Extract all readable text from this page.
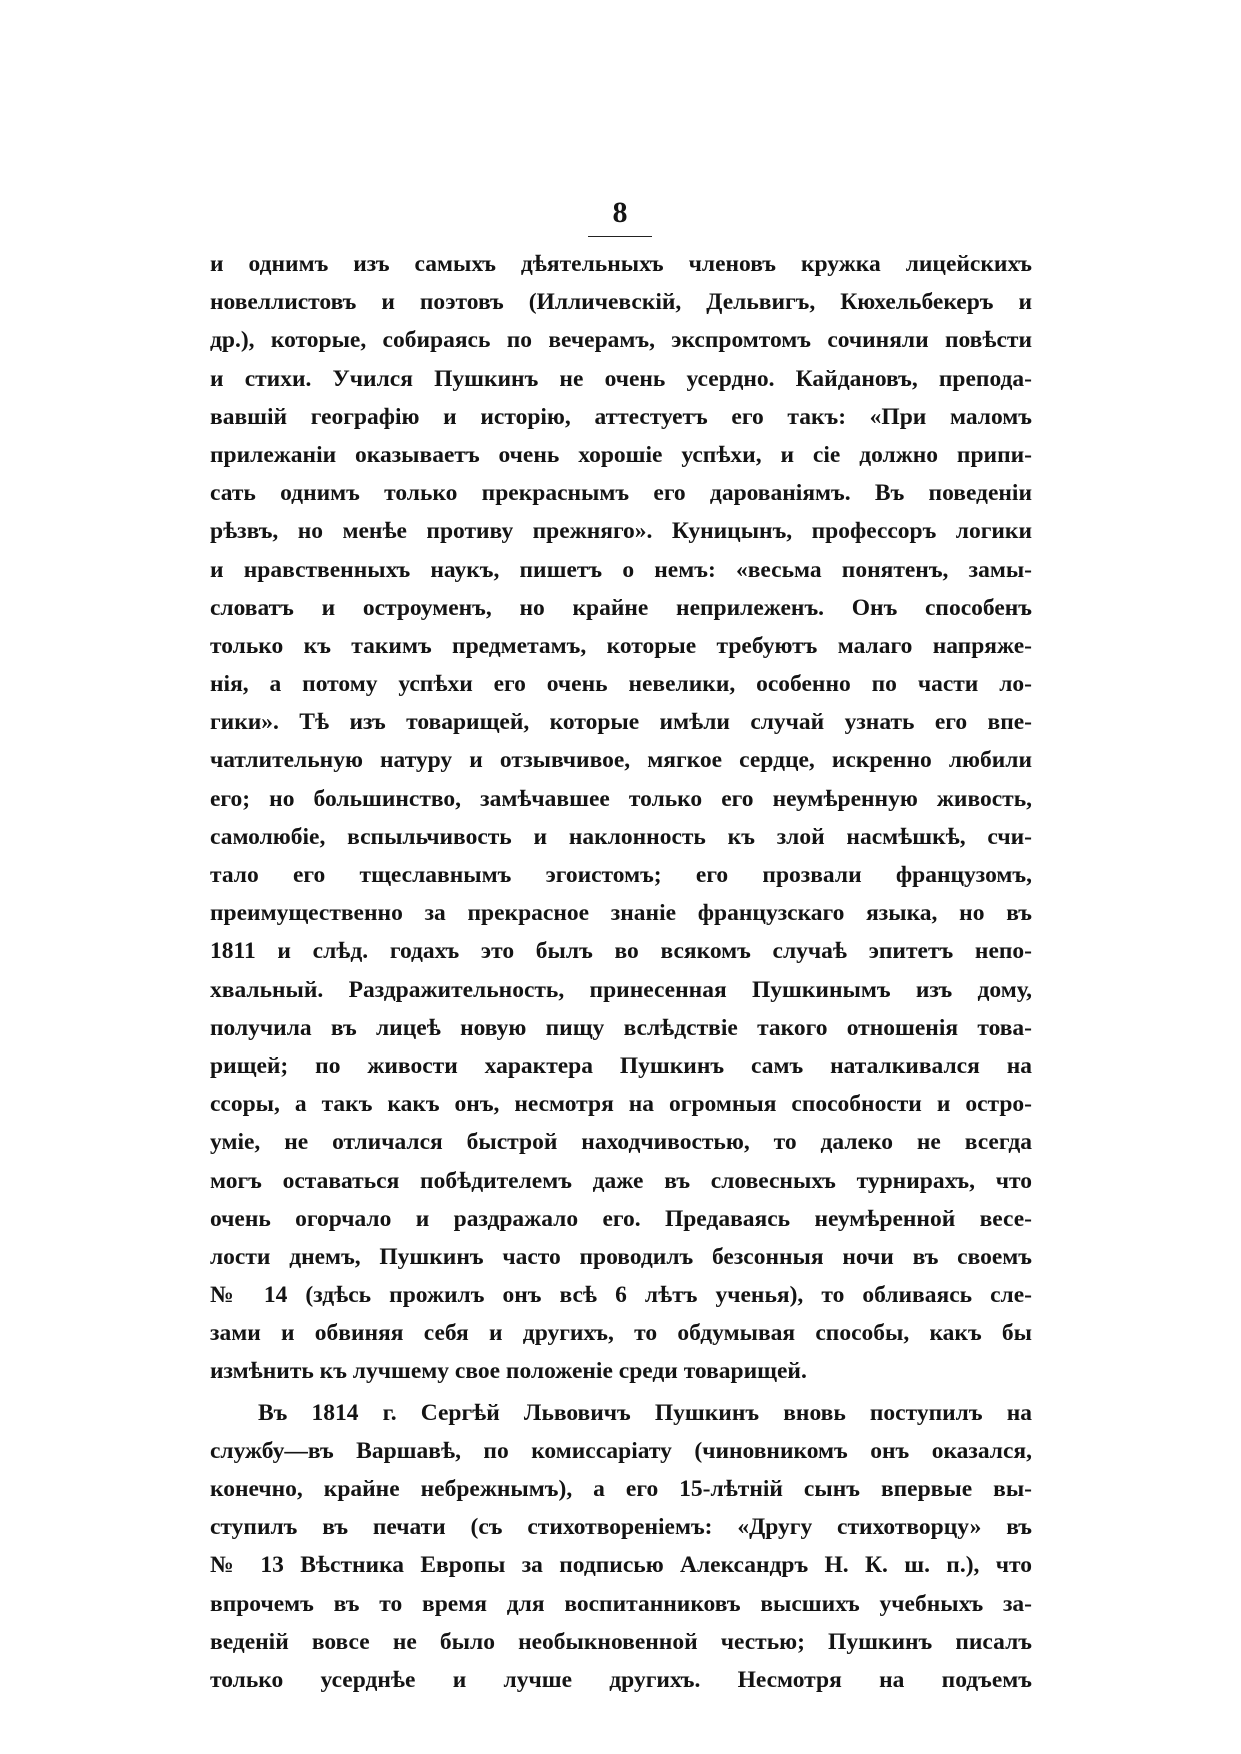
8
и однимъ изъ самыхъ дѣятельныхъ членовъ кружка лицейскихъ
новеллистовъ и поэтовъ (Илличевскій, Дельвигъ, Кюхельбекеръ и
др.), которые, собираясь по вечерамъ, экспромтомъ сочиняли повѣсти
и стихи. Учился Пушкинъ не очень усердно. Кайдановъ, препода-
вавшій географію и исторію, аттестуетъ его такъ: «При маломъ
прилежаніи оказываетъ очень хорошіе успѣхи, и сіе должно припи-
сать однимъ только прекраснымъ его дарованіямъ. Въ поведеніи
рѣзвъ, но менѣе противу прежняго». Куницынъ, профессоръ логики
и нравственныхъ наукъ, пишетъ о немъ: «весьма понятенъ, замы-
словатъ и остроуменъ, но крайне неприлеженъ. Онъ способенъ
только къ такимъ предметамъ, которые требуютъ малаго напряже-
нія, а потому успѣхи его очень невелики, особенно по части ло-
гики». Тѣ изъ товарищей, которые имѣли случай узнать его впе-
чатлительную натуру и отзывчивое, мягкое сердце, искренно любили
его; но большинство, замѣчавшее только его неумѣренную живость,
самолюбіе, вспыльчивость и наклонность къ злой насмѣшкѣ, счи-
тало его тщеславнымъ эгоистомъ; его прозвали французомъ,
преимущественно за прекрасное знаніе французскаго языка, но въ
1811 и слѣд. годахъ это былъ во всякомъ случаѣ эпитетъ непо-
хвальный. Раздражительность, принесенная Пушкинымъ изъ дому,
получила въ лицеѣ новую пищу вслѣдствіе такого отношенія това-
рищей; по живости характера Пушкинъ самъ наталкивался на
ссоры, а такъ какъ онъ, несмотря на огромныя способности и остро-
уміе, не отличался быстрой находчивостью, то далеко не всегда
могъ оставаться побѣдителемъ даже въ словесныхъ турнирахъ, что
очень огорчало и раздражало его. Предаваясь неумѣренной весе-
лости днемъ, Пушкинъ часто проводилъ безсонныя ночи въ своемъ
№ 14 (здѣсь прожилъ онъ всѣ 6 лѣтъ ученья), то обливаясь сле-
зами и обвиняя себя и другихъ, то обдумывая способы, какъ бы
измѣнить къ лучшему свое положеніе среди товарищей.
Въ 1814 г. Сергѣй Львовичъ Пушкинъ вновь поступилъ на
службу—въ Варшавѣ, по комиссаріату (чиновникомъ онъ оказался,
конечно, крайне небрежнымъ), а его 15-лѣтній сынъ впервые вы-
ступилъ въ печати (съ стихотвореніемъ: «Другу стихотворцу» въ
№ 13 Вѣстника Европы за подписью Александръ Н. К. ш. п.), что
впрочемъ въ то время для воспитанниковъ высшихъ учебныхъ за-
веденій вовсе не было необыкновенной честью; Пушкинъ писалъ
только усерднѣе и лучше другихъ. Несмотря на подъемъ
